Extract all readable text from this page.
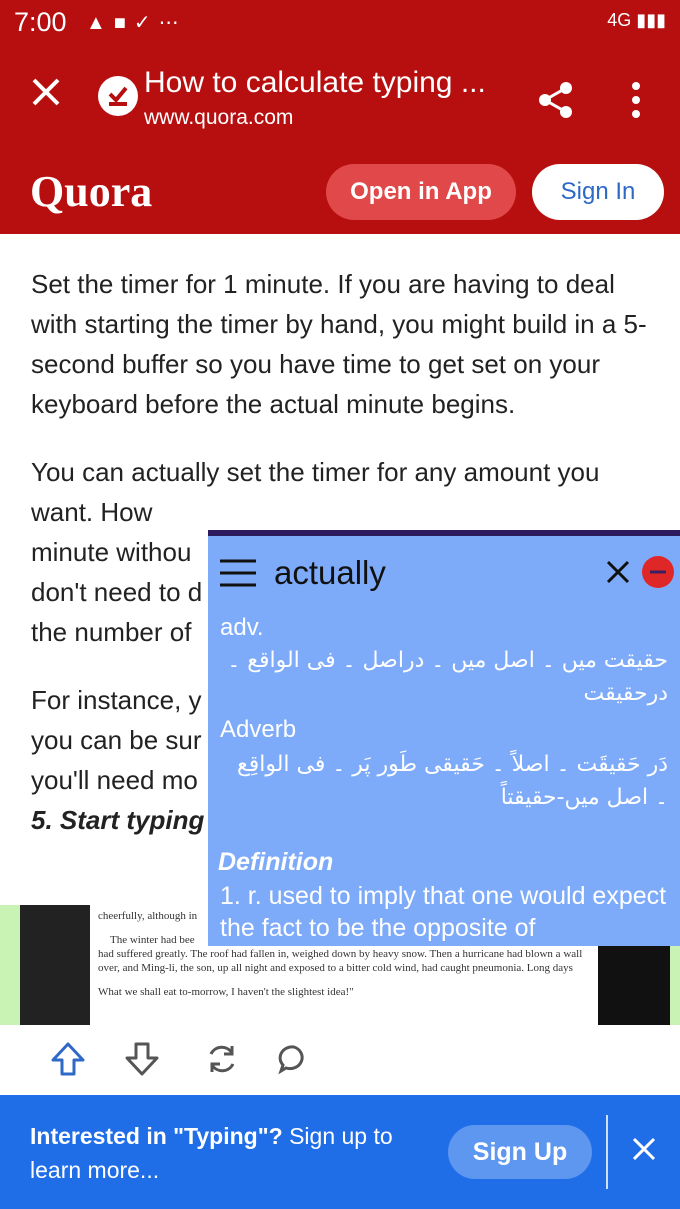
7:00 ▲■✓⋯	4G ▮▮▮
How to calculate typing ...
www.quora.com
Quora	Open in App	Sign In

Set the timer for 1 minute. If you are having to deal with starting the timer by hand, you might build in a 5-second buffer so you have time to get set on your keyboard before the actual minute begins.

You can actually set the timer for any amount you want. How
minute withou
don't need to d
the number of

For instance, y
you can be sur
you'll need mo

5. Start typing

cheerfully, although in
The winter had bee
had suffered greatly. The roof had fallen in, weighed down by heavy snow. Then a hurricane had blown a wall over, and Ming-li, the son, up all night and exposed to a bitter cold wind, had caught pneumonia. Long days
What we shall eat to-morrow, I haven't the slightest idea!"
Interested in "Typing"? Sign up to learn more...
Sign Up
actually
adv.
حقیقت میں ۔ اصل میں ۔ دراصل ۔ فی الواقع ۔ درحقیقت
Adverb
دَر حَقیقَت ۔ اصلاً ۔ حَقیقی طَور پَر ۔ فی الواقِع ۔ اصل میں-حقیقتاً
Definition
1. r. used to imply that one would expect the fact to be the opposite of
